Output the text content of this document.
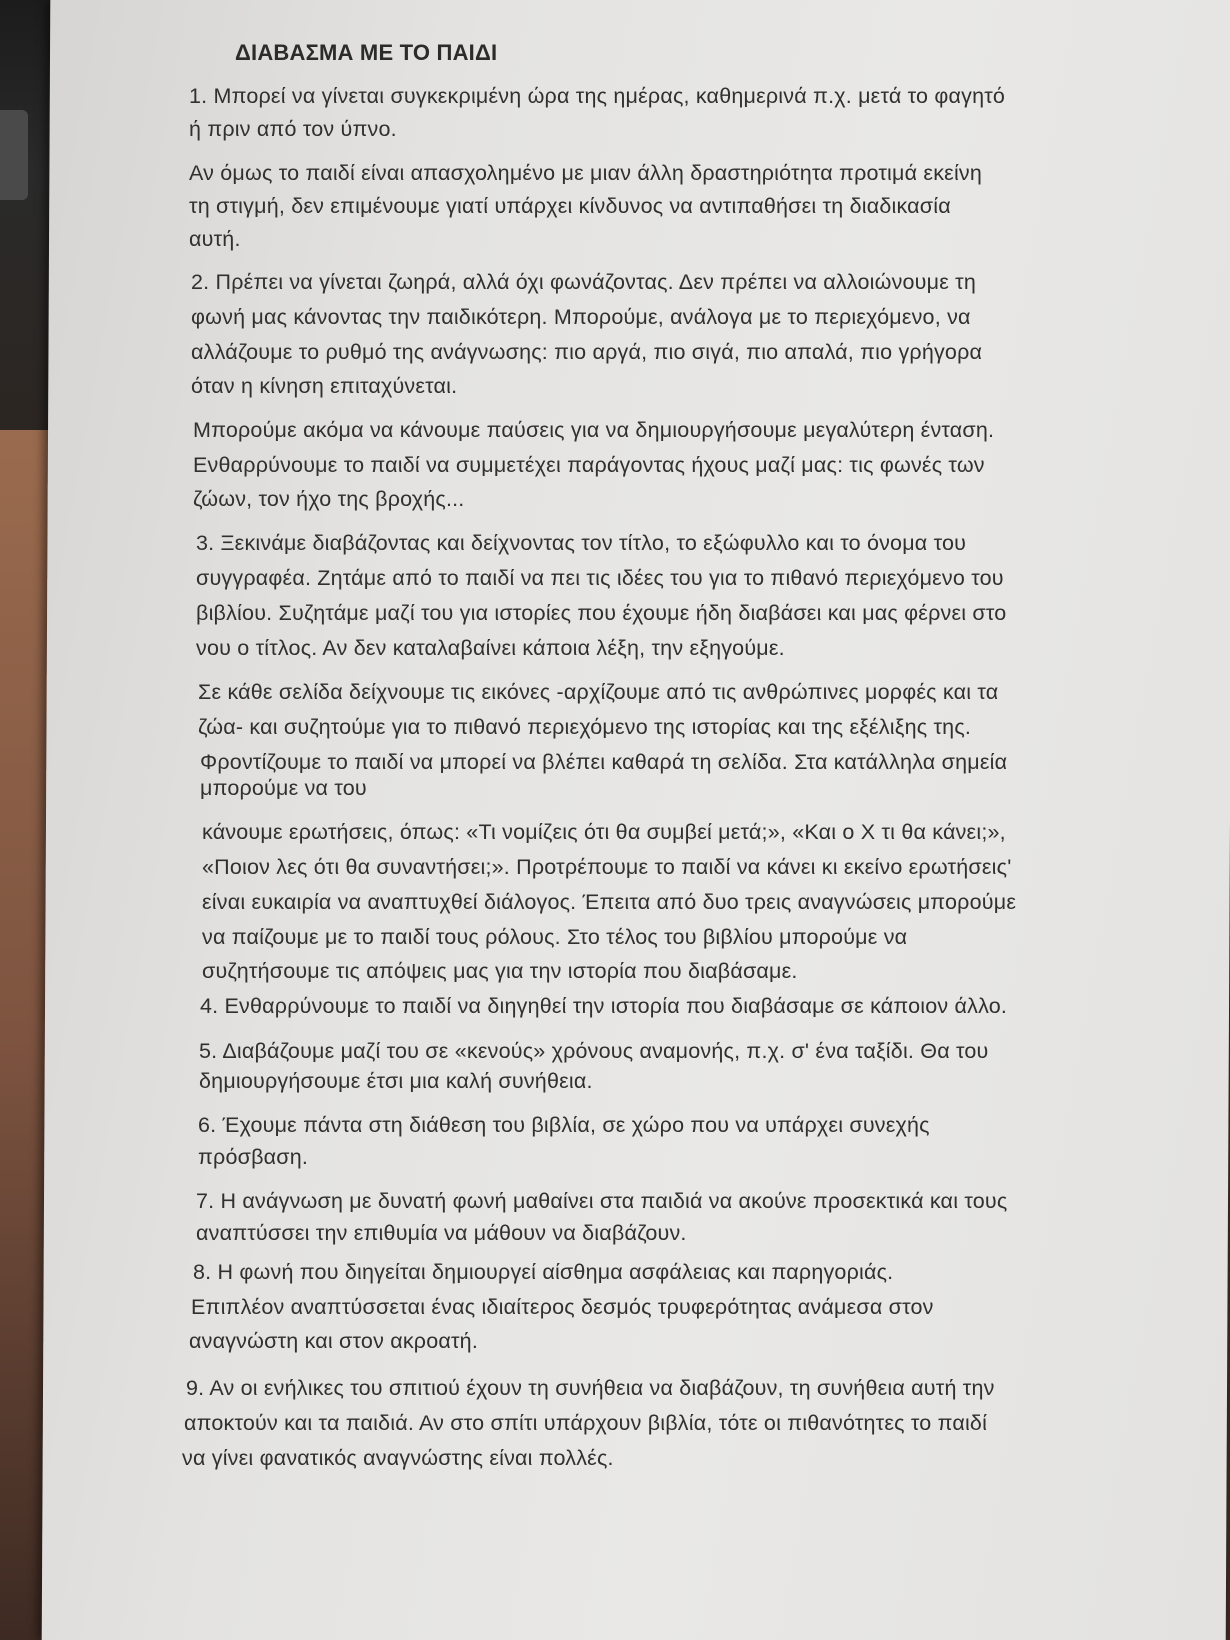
ΔΙΑΒΑΣΜΑ ΜΕ ΤΟ ΠΑΙΔΙ
1. Μπορεί να γίνεται συγκεκριμένη ώρα της ημέρας, καθημερινά π.χ. μετά το φαγητό
ή πριν από τον ύπνο.
Αν όμως το παιδί είναι απασχολημένο με μιαν άλλη δραστηριότητα προτιμά εκείνη
τη στιγμή, δεν επιμένουμε γιατί υπάρχει κίνδυνος να αντιπαθήσει τη διαδικασία
αυτή.
2. Πρέπει να γίνεται ζωηρά, αλλά όχι φωνάζοντας. Δεν πρέπει να αλλοιώνουμε τη
φωνή μας κάνοντας την παιδικότερη. Μπορούμε, ανάλογα με το περιεχόμενο, να
αλλάζουμε το ρυθμό της ανάγνωσης: πιο αργά, πιο σιγά, πιο απαλά, πιο γρήγορα
όταν η κίνηση επιταχύνεται.
Μπορούμε ακόμα να κάνουμε παύσεις για να δημιουργήσουμε μεγαλύτερη ένταση.
Ενθαρρύνουμε το παιδί να συμμετέχει παράγοντας ήχους μαζί μας: τις φωνές των
ζώων, τον ήχο της βροχής...
3. Ξεκινάμε διαβάζοντας και δείχνοντας τον τίτλο, το εξώφυλλο και το όνομα του
συγγραφέα. Ζητάμε από το παιδί να πει τις ιδέες του για το πιθανό περιεχόμενο του
βιβλίου. Συζητάμε μαζί του για ιστορίες που έχουμε ήδη διαβάσει και μας φέρνει στο
νου ο τίτλος. Αν δεν καταλαβαίνει κάποια λέξη, την εξηγούμε.
Σε κάθε σελίδα δείχνουμε τις εικόνες -αρχίζουμε από τις ανθρώπινες μορφές και τα
ζώα- και συζητούμε για το πιθανό περιεχόμενο της ιστορίας και της εξέλιξης της.
Φροντίζουμε το παιδί να μπορεί να βλέπει καθαρά τη σελίδα. Στα κατάλληλα σημεία
μπορούμε να του
κάνουμε ερωτήσεις, όπως: «Τι νομίζεις ότι θα συμβεί μετά;», «Και ο Χ τι θα κάνει;»,
«Ποιον λες ότι θα συναντήσει;». Προτρέπουμε το παιδί να κάνει κι εκείνο ερωτήσεις'
είναι ευκαιρία να αναπτυχθεί διάλογος. Έπειτα από δυο τρεις αναγνώσεις μπορούμε
να παίζουμε με το παιδί τους ρόλους. Στο τέλος του βιβλίου μπορούμε να
συζητήσουμε τις απόψεις μας για την ιστορία που διαβάσαμε.
4. Ενθαρρύνουμε το παιδί να διηγηθεί την ιστορία που διαβάσαμε σε κάποιον άλλο.
5. Διαβάζουμε μαζί του σε «κενούς» χρόνους αναμονής, π.χ. σ' ένα ταξίδι. Θα του
δημιουργήσουμε έτσι μια καλή συνήθεια.
6. Έχουμε πάντα στη διάθεση του βιβλία, σε χώρο που να υπάρχει συνεχής
πρόσβαση.
7. Η ανάγνωση με δυνατή φωνή μαθαίνει στα παιδιά να ακούνε προσεκτικά και τους
αναπτύσσει την επιθυμία να μάθουν να διαβάζουν.
8. Η φωνή που διηγείται δημιουργεί αίσθημα ασφάλειας και παρηγοριάς.
Επιπλέον αναπτύσσεται ένας ιδιαίτερος δεσμός τρυφερότητας ανάμεσα στον
αναγνώστη και στον ακροατή.
9. Αν οι ενήλικες του σπιτιού έχουν τη συνήθεια να διαβάζουν, τη συνήθεια αυτή την
αποκτούν και τα παιδιά. Αν στο σπίτι υπάρχουν βιβλία, τότε οι πιθανότητες το παιδί
να γίνει φανατικός αναγνώστης είναι πολλές.
